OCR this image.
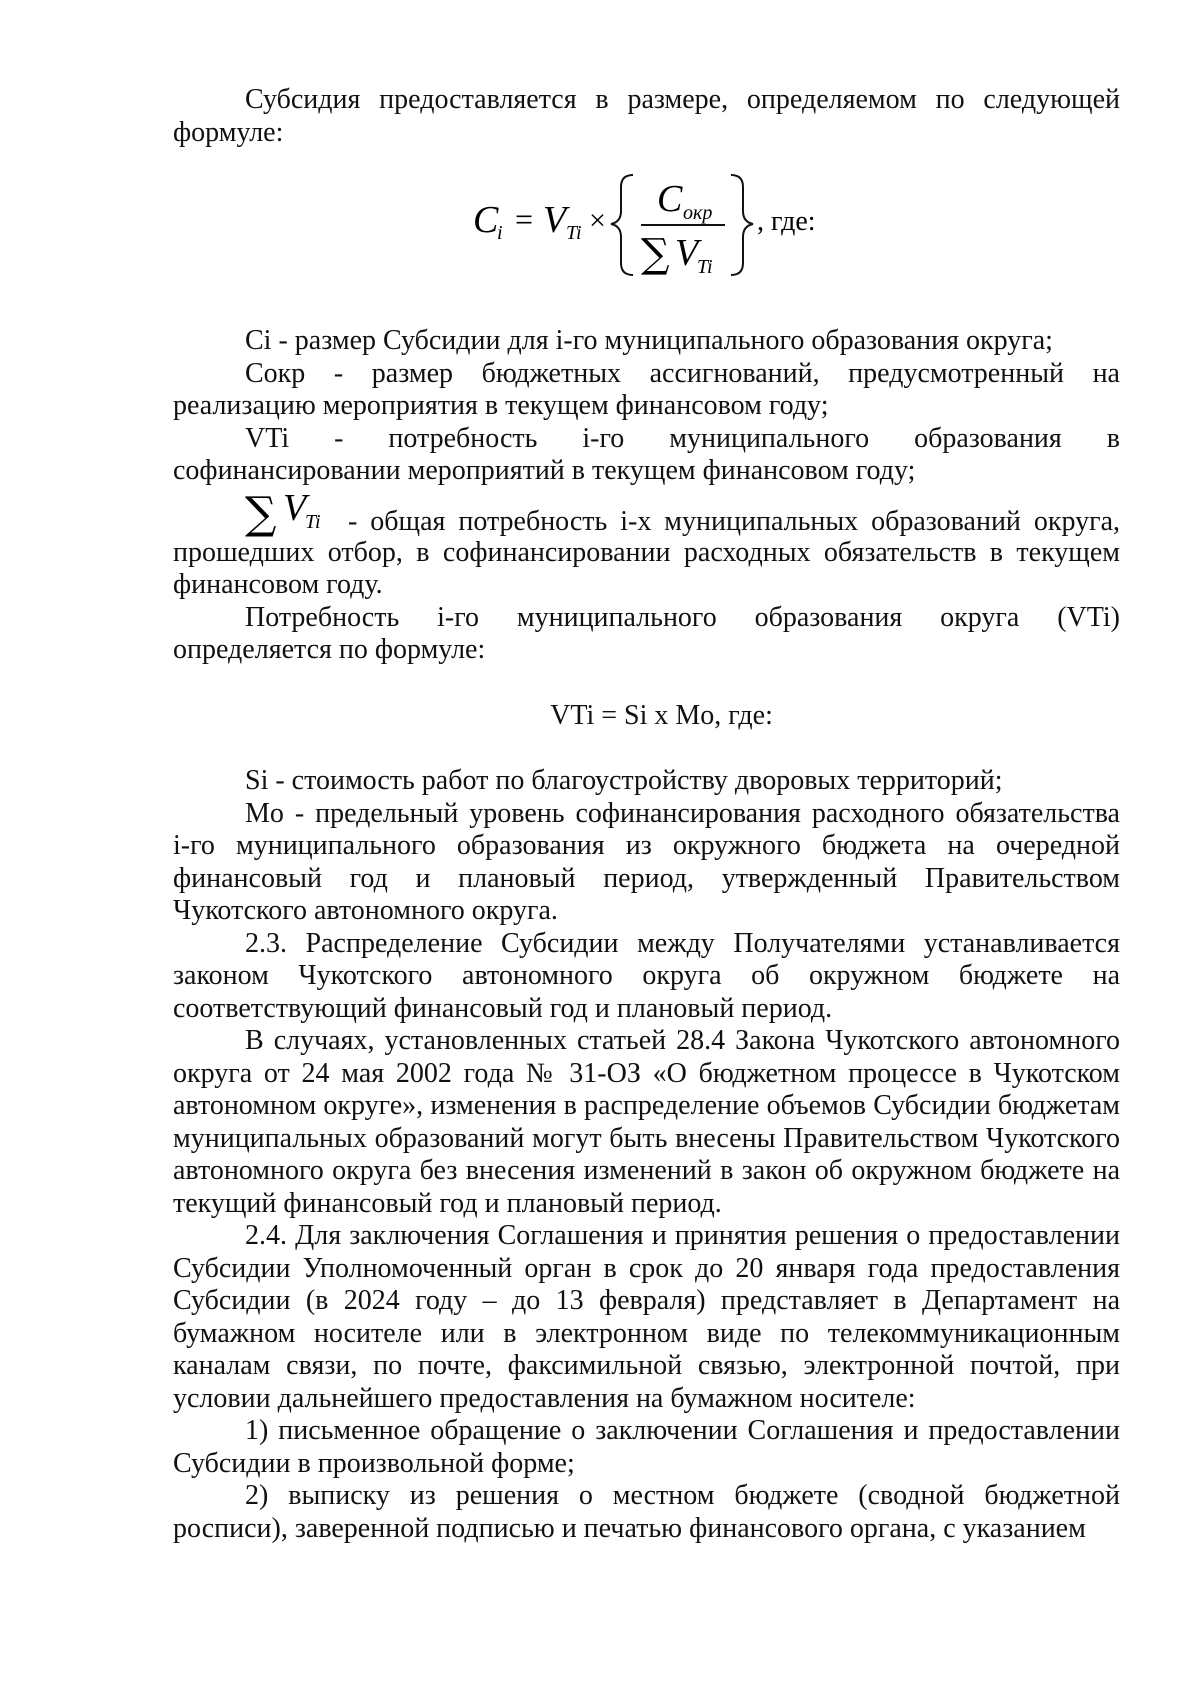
Субсидия предоставляется в размере, определяемом по следующей формуле:

C
i = V Ti ×
C окр
∑ V
Ti
, где:

Ci - размер Субсидии для i-го муниципального образования округа;

Сокр - размер бюджетных ассигнований, предусмотренный на реализацию мероприятия в текущем финансовом году;

VTi - потребность i-го муниципального образования в софинансировании мероприятий в текущем финансовом году;

∑ V
Ti - общая потребность i-х муниципальных образований округа,

прошедших отбор, в софинансировании расходных обязательств в текущем финансовом году.

Потребность i-го муниципального образования округа (VTi) определяется по формуле:

VTi = Si x Mo, где:

Si - стоимость работ по благоустройству дворовых территорий;

Mo - предельный уровень софинансирования расходного обязательства i-го муниципального образования из окружного бюджета на очередной финансовый год и плановый период, утвержденный Правительством Чукотского автономного округа.

2.3. Распределение Субсидии между Получателями устанавливается законом Чукотского автономного округа об окружном бюджете на соответствующий финансовый год и плановый период.

В случаях, установленных статьей 28.4 Закона Чукотского автономного округа от 24 мая 2002 года № 31-ОЗ «О бюджетном процессе в Чукотском автономном округе», изменения в распределение объемов Субсидии бюджетам муниципальных образований могут быть внесены Правительством Чукотского автономного округа без внесения изменений в закон об окружном бюджете на текущий финансовый год и плановый период.

2.4. Для заключения Соглашения и принятия решения о предоставлении Субсидии Уполномоченный орган в срок до 20 января года предоставления Субсидии (в 2024 году – до 13 февраля) представляет в Департамент на бумажном носителе или в электронном виде по телекоммуникационным каналам связи, по почте, факсимильной связью, электронной почтой, при условии дальнейшего предоставления на бумажном носителе:

1) письменное обращение о заключении Соглашения и предоставлении Субсидии в произвольной форме;

2) выписку из решения о местном бюджете (сводной бюджетной росписи), заверенной подписью и печатью финансового органа, с указанием
